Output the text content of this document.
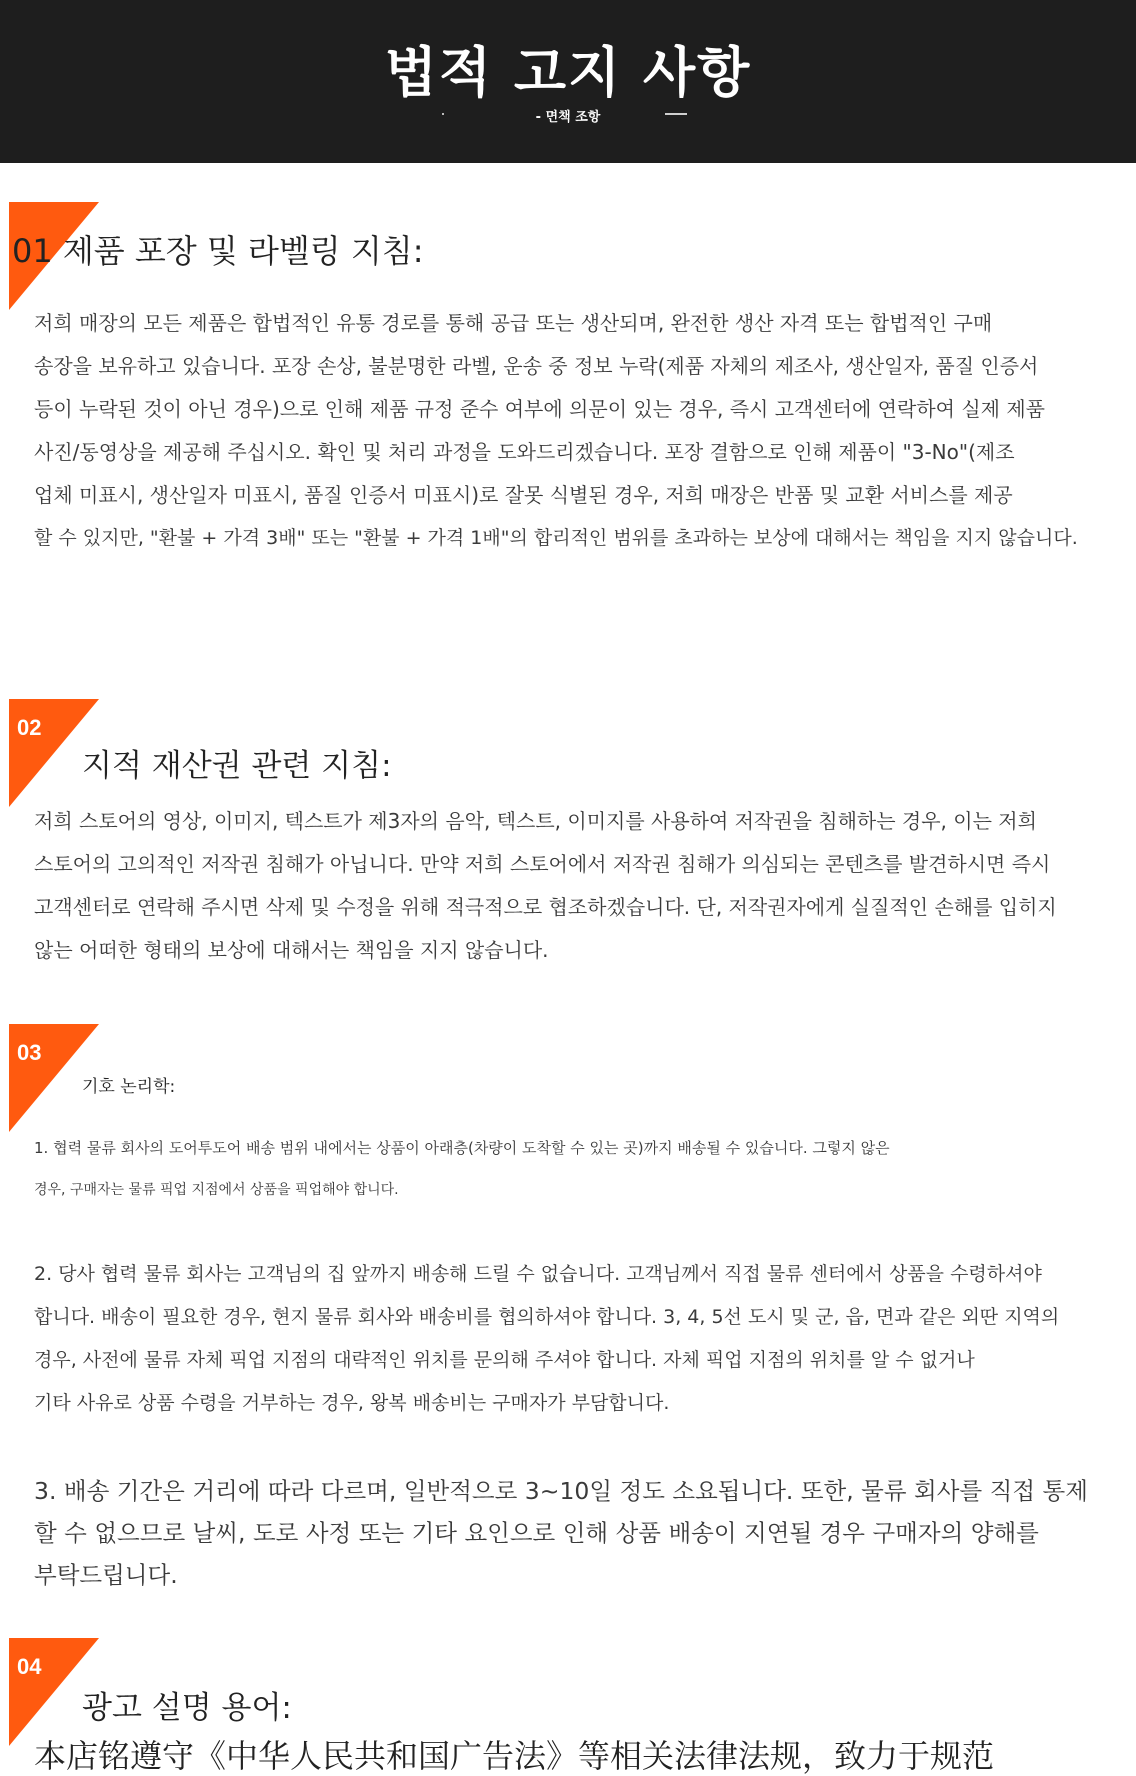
법적 고지 사항
- 면책 조항
01 제품 포장 및 라벨링 지침:
저희 매장의 모든 제품은 합법적인 유통 경로를 통해 공급 또는 생산되며, 완전한 생산 자격 또는 합법적인 구매
송장을 보유하고 있습니다. 포장 손상, 불분명한 라벨, 운송 중 정보 누락(제품 자체의 제조사, 생산일자, 품질 인증서
등이 누락된 것이 아닌 경우)으로 인해 제품 규정 준수 여부에 의문이 있는 경우, 즉시 고객센터에 연락하여 실제 제품
사진/동영상을 제공해 주십시오. 확인 및 처리 과정을 도와드리겠습니다. 포장 결함으로 인해 제품이 "3-No"(제조
업체 미표시, 생산일자 미표시, 품질 인증서 미표시)로 잘못 식별된 경우, 저희 매장은 반품 및 교환 서비스를 제공
할 수 있지만, "환불 + 가격 3배" 또는 "환불 + 가격 1배"의 합리적인 범위를 초과하는 보상에 대해서는 책임을 지지 않습니다.
02
지적 재산권 관련 지침:
저희 스토어의 영상, 이미지, 텍스트가 제3자의 음악, 텍스트, 이미지를 사용하여 저작권을 침해하는 경우, 이는 저희
스토어의 고의적인 저작권 침해가 아닙니다. 만약 저희 스토어에서 저작권 침해가 의심되는 콘텐츠를 발견하시면 즉시
고객센터로 연락해 주시면 삭제 및 수정을 위해 적극적으로 협조하겠습니다. 단, 저작권자에게 실질적인 손해를 입히지
않는 어떠한 형태의 보상에 대해서는 책임을 지지 않습니다.
03
기호 논리학:
1. 협력 물류 회사의 도어투도어 배송 범위 내에서는 상품이 아래층(차량이 도착할 수 있는 곳)까지 배송될 수 있습니다. 그렇지 않은
경우, 구매자는 물류 픽업 지점에서 상품을 픽업해야 합니다.
2. 당사 협력 물류 회사는 고객님의 집 앞까지 배송해 드릴 수 없습니다. 고객님께서 직접 물류 센터에서 상품을 수령하셔야
합니다. 배송이 필요한 경우, 현지 물류 회사와 배송비를 협의하셔야 합니다. 3, 4, 5선 도시 및 군, 읍, 면과 같은 외딴 지역의
경우, 사전에 물류 자체 픽업 지점의 대략적인 위치를 문의해 주셔야 합니다. 자체 픽업 지점의 위치를 알 수 없거나
기타 사유로 상품 수령을 거부하는 경우, 왕복 배송비는 구매자가 부담합니다.
3. 배송 기간은 거리에 따라 다르며, 일반적으로 3~10일 정도 소요됩니다. 또한, 물류 회사를 직접 통제
할 수 없으므로 날씨, 도로 사정 또는 기타 요인으로 인해 상품 배송이 지연될 경우 구매자의 양해를
부탁드립니다.
04
광고 설명 용어:
本店铭遵守《中华人民共和国广告法》等相关法律法规，致力于规范
